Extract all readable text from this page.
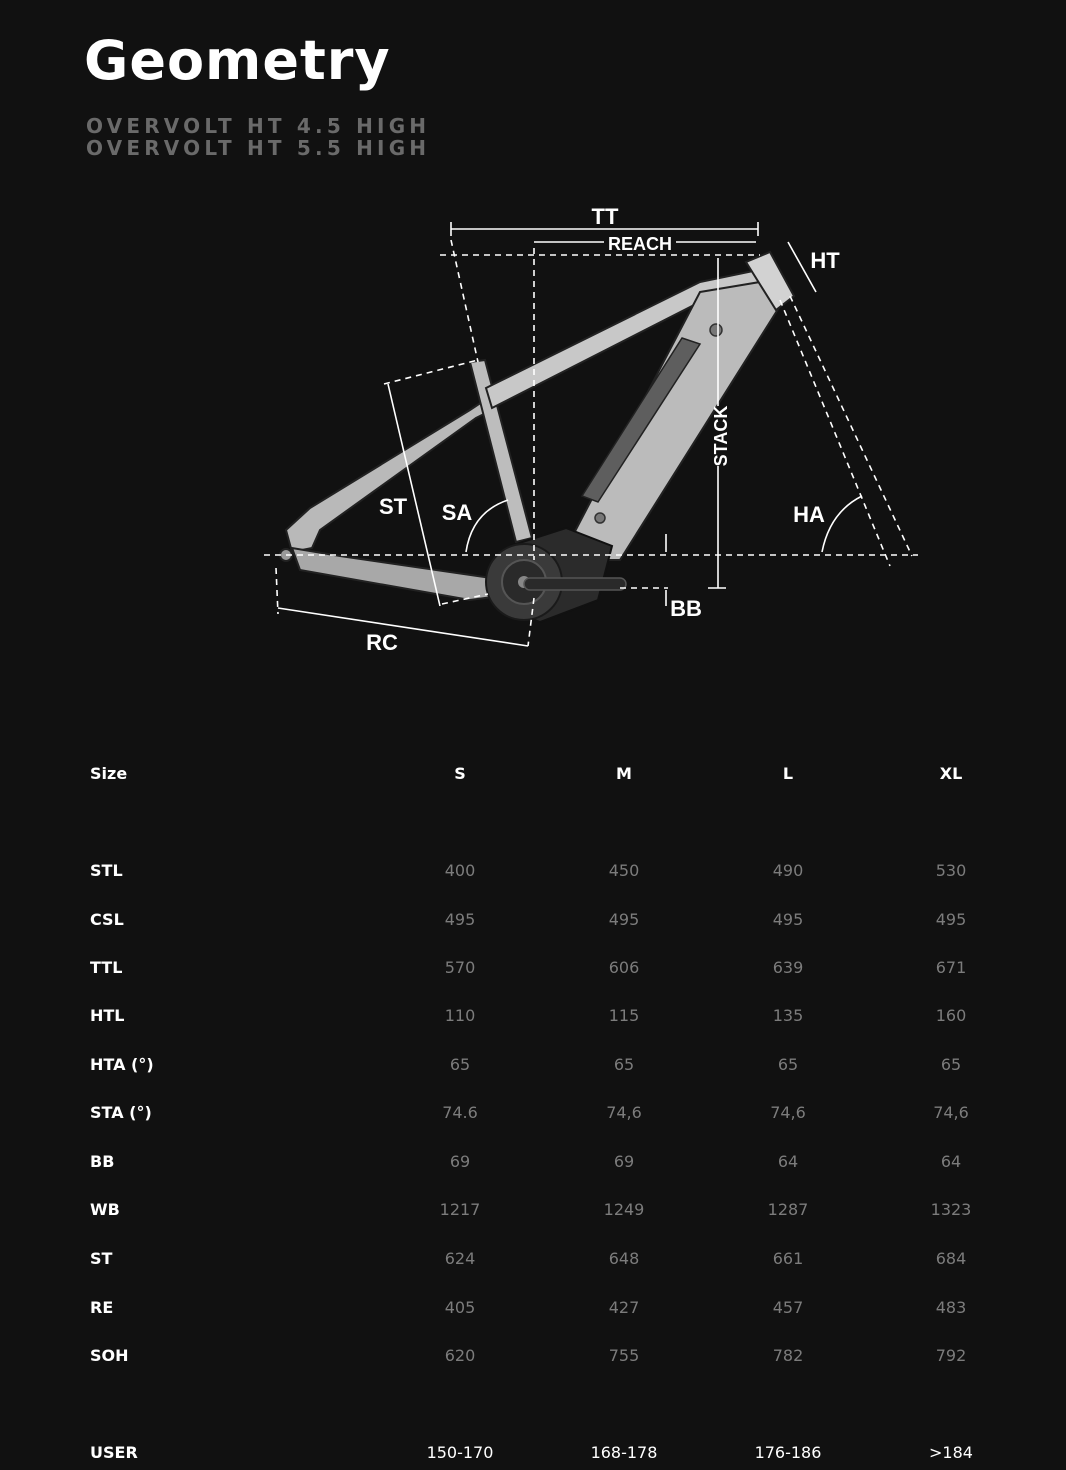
Geometry
OVERVOLT HT 4.5 HIGH
OVERVOLT HT 5.5 HIGH
TT
REACH
HT
STACK
ST SA	HA
BB
RC
Size	S	M	L	XL
STL	400	450	490	530
CSL	495	495	495	495
TTL	570	606	639	671
HTL	110	115	135	160
HTA (°)	65	65	65	65
STA (°)	74.6	74,6	74,6	74,6
BB	69	69	64	64
WB	1217	1249	1287	1323
ST	624	648	661	684
RE	405	427	457	483
SOH	620	755	782	792
USER	150-170	168-178	176-186	>184
